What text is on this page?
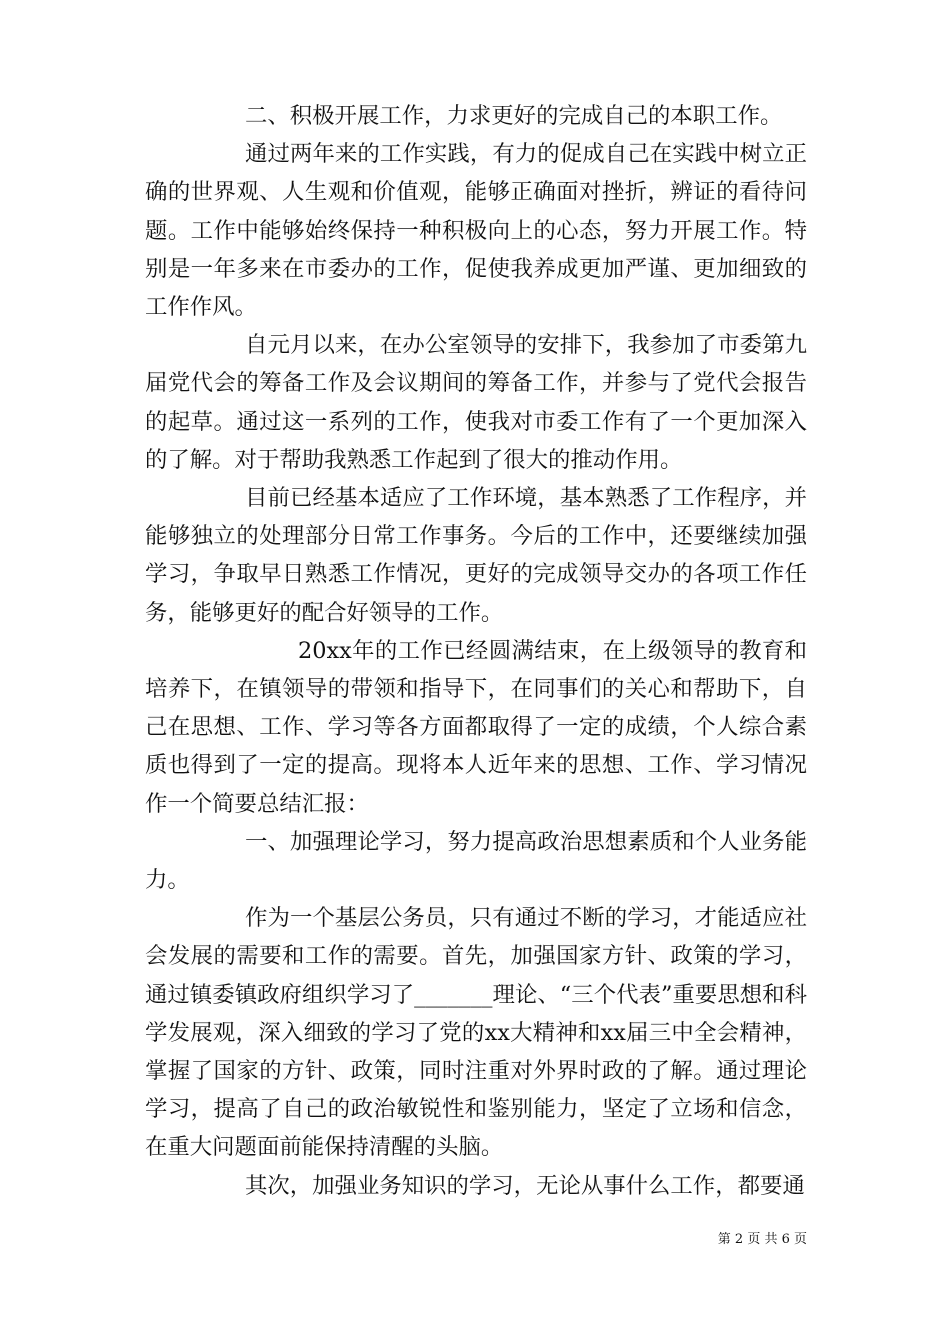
二、积极开展工作，力求更好的完成自己的本职工作。

通过两年来的工作实践，有力的促成自己在实践中树立正确的世界观、人生观和价值观，能够正确面对挫折，辨证的看待问题。工作中能够始终保持一种积极向上的心态，努力开展工作。特别是一年多来在市委办的工作，促使我养成更加严谨、更加细致的工作作风。

自元月以来，在办公室领导的安排下，我参加了市委第九届党代会的筹备工作及会议期间的筹备工作，并参与了党代会报告的起草。通过这一系列的工作，使我对市委工作有了一个更加深入的了解。对于帮助我熟悉工作起到了很大的推动作用。

目前已经基本适应了工作环境，基本熟悉了工作程序，并能够独立的处理部分日常工作事务。今后的工作中，还要继续加强学习，争取早日熟悉工作情况，更好的完成领导交办的各项工作任务，能够更好的配合好领导的工作。

20xx年的工作已经圆满结束，在上级领导的教育和培养下，在镇领导的带领和指导下，在同事们的关心和帮助下，自己在思想、工作、学习等各方面都取得了一定的成绩，个人综合素质也得到了一定的提高。现将本人近年来的思想、工作、学习情况作一个简要总结汇报：

一、加强理论学习，努力提高政治思想素质和个人业务能力。

作为一个基层公务员，只有通过不断的学习，才能适应社会发展的需要和工作的需要。首先，加强国家方针、政策的学习，通过镇委镇政府组织学习了_______理论、“三个代表”重要思想和科学发展观，深入细致的学习了党的xx大精神和xx届三中全会精神，掌握了国家的方针、政策，同时注重对外界时政的了解。通过理论学习，提高了自己的政治敏锐性和鉴别能力，坚定了立场和信念，在重大问题面前能保持清醒的头脑。

其次，加强业务知识的学习，无论从事什么工作，都要通

第 2 页 共 6 页
